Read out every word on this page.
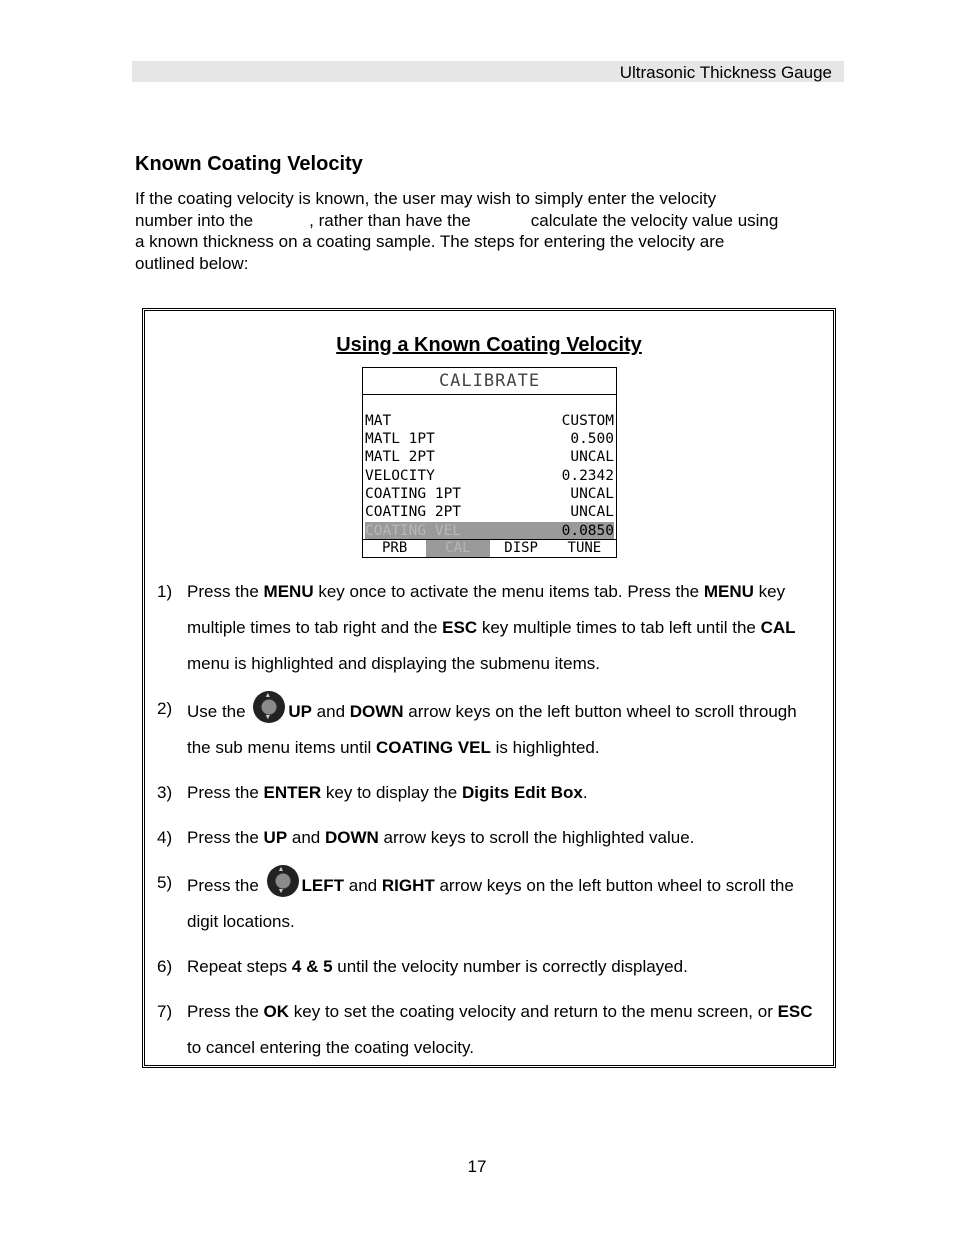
Ultrasonic Thickness Gauge
Known Coating Velocity
If the coating velocity is known, the user may wish to simply enter the velocity
number into the	, rather than have the	calculate the velocity value using
a known thickness on a coating sample. The steps for entering the velocity are
outlined below:
Using a Known Coating Velocity
CALIBRATE
MAT	CUSTOM
MATL 1PT	0.500
MATL 2PT	UNCAL
VELOCITY	0.2342
COATING 1PT	UNCAL
COATING 2PT	UNCAL
COATING VEL	0.0850
PRB	CAL	DISP	TUNE
1) Press the MENU key once to activate the menu items tab. Press the MENU key multiple times to tab right and the ESC key multiple times to tab left until the CAL menu is highlighted and displaying the submenu items.
2) Use the ▲ ▼UP and DOWN arrow keys on the left button wheel to scroll through the sub menu items until COATING VEL is highlighted.
3) Press the ENTER key to display the Digits Edit Box.
4) Press the UP and DOWN arrow keys to scroll the highlighted value.
5) Press the ▲ ▼LEFT and RIGHT arrow keys on the left button wheel to scroll the digit locations.
6) Repeat steps 4 & 5 until the velocity number is correctly displayed.
7) Press the OK key to set the coating velocity and return to the menu screen, or ESC to cancel entering the coating velocity.
17
